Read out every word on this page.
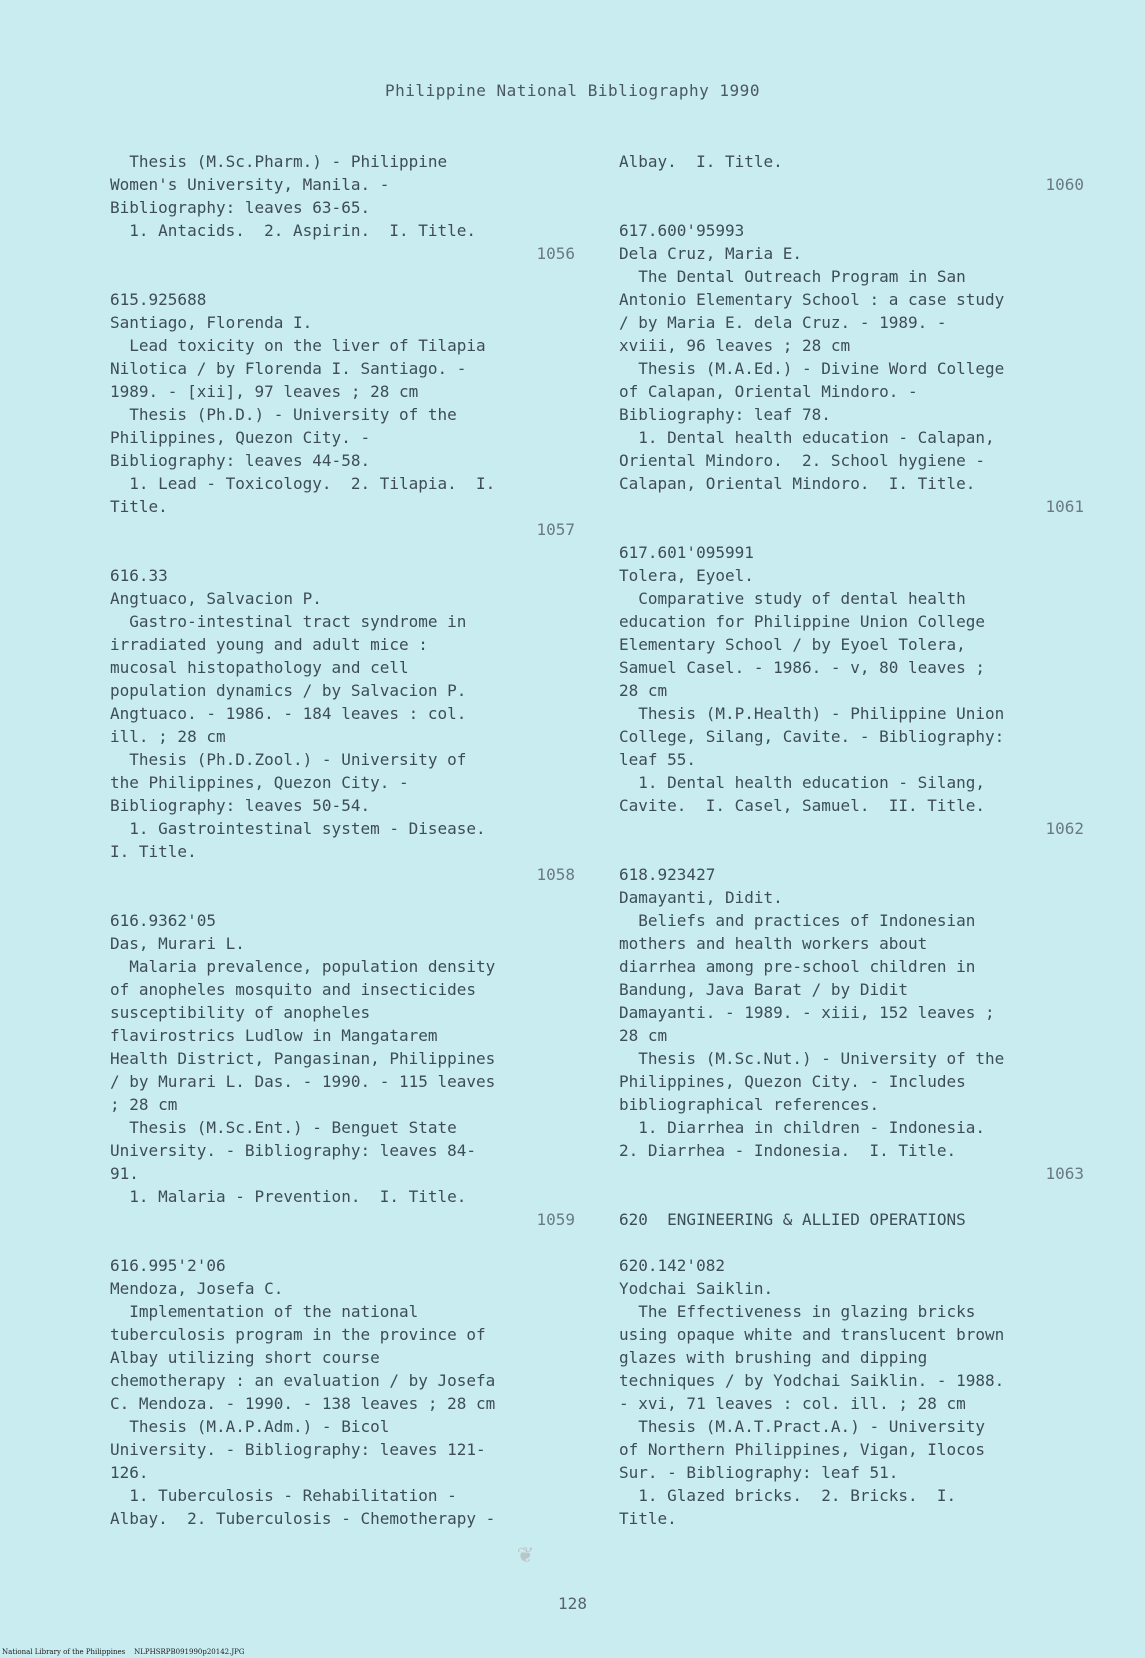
Philippine National Bibliography 1990
Thesis (M.Sc.Pharm.) - Philippine
Women's University, Manila. -
Bibliography: leaves 63-65.
1. Antacids.  2. Aspirin.  I. Title.
1056
615.925688
Santiago, Florenda I.
Lead toxicity on the liver of Tilapia
Nilotica / by Florenda I. Santiago. -
1989. - [xii], 97 leaves ; 28 cm
Thesis (Ph.D.) - University of the
Philippines, Quezon City. -
Bibliography: leaves 44-58.
1. Lead - Toxicology.  2. Tilapia.  I.
Title.
1057
616.33
Angtuaco, Salvacion P.
Gastro-intestinal tract syndrome in
irradiated young and adult mice :
mucosal histopathology and cell
population dynamics / by Salvacion P.
Angtuaco. - 1986. - 184 leaves : col.
ill. ; 28 cm
Thesis (Ph.D.Zool.) - University of
the Philippines, Quezon City. -
Bibliography: leaves 50-54.
1. Gastrointestinal system - Disease.
I. Title.
1058
616.9362'05
Das, Murari L.
Malaria prevalence, population density
of anopheles mosquito and insecticides
susceptibility of anopheles
flavirostrics Ludlow in Mangatarem
Health District, Pangasinan, Philippines
/ by Murari L. Das. - 1990. - 115 leaves
; 28 cm
Thesis (M.Sc.Ent.) - Benguet State
University. - Bibliography: leaves 84-
91.
1. Malaria - Prevention.  I. Title.
1059
616.995'2'06
Mendoza, Josefa C.
Implementation of the national
tuberculosis program in the province of
Albay utilizing short course
chemotherapy : an evaluation / by Josefa
C. Mendoza. - 1990. - 138 leaves ; 28 cm
Thesis (M.A.P.Adm.) - Bicol
University. - Bibliography: leaves 121-
126.
1. Tuberculosis - Rehabilitation -
Albay.  2. Tuberculosis - Chemotherapy -
Albay.  I. Title.
1060
617.600'95993
Dela Cruz, Maria E.
The Dental Outreach Program in San
Antonio Elementary School : a case study
/ by Maria E. dela Cruz. - 1989. -
xviii, 96 leaves ; 28 cm
Thesis (M.A.Ed.) - Divine Word College
of Calapan, Oriental Mindoro. -
Bibliography: leaf 78.
1. Dental health education - Calapan,
Oriental Mindoro.  2. School hygiene -
Calapan, Oriental Mindoro.  I. Title.
1061
617.601'095991
Tolera, Eyoel.
Comparative study of dental health
education for Philippine Union College
Elementary School / by Eyoel Tolera,
Samuel Casel. - 1986. - v, 80 leaves ;
28 cm
Thesis (M.P.Health) - Philippine Union
College, Silang, Cavite. - Bibliography:
leaf 55.
1. Dental health education - Silang,
Cavite.  I. Casel, Samuel.  II. Title.
1062
618.923427
Damayanti, Didit.
Beliefs and practices of Indonesian
mothers and health workers about
diarrhea among pre-school children in
Bandung, Java Barat / by Didit
Damayanti. - 1989. - xiii, 152 leaves ;
28 cm
Thesis (M.Sc.Nut.) - University of the
Philippines, Quezon City. - Includes
bibliographical references.
1. Diarrhea in children - Indonesia.
2. Diarrhea - Indonesia.  I. Title.
1063
620  ENGINEERING & ALLIED OPERATIONS
620.142'082
Yodchai Saiklin.
The Effectiveness in glazing bricks
using opaque white and translucent brown
glazes with brushing and dipping
techniques / by Yodchai Saiklin. - 1988.
- xvi, 71 leaves : col. ill. ; 28 cm
Thesis (M.A.T.Pract.A.) - University
of Northern Philippines, Vigan, Ilocos
Sur. - Bibliography: leaf 51.
1. Glazed bricks.  2. Bricks.  I.
Title.
❦
128
National Library of the Philippines    NLPHSRPB091990p20142.JPG
